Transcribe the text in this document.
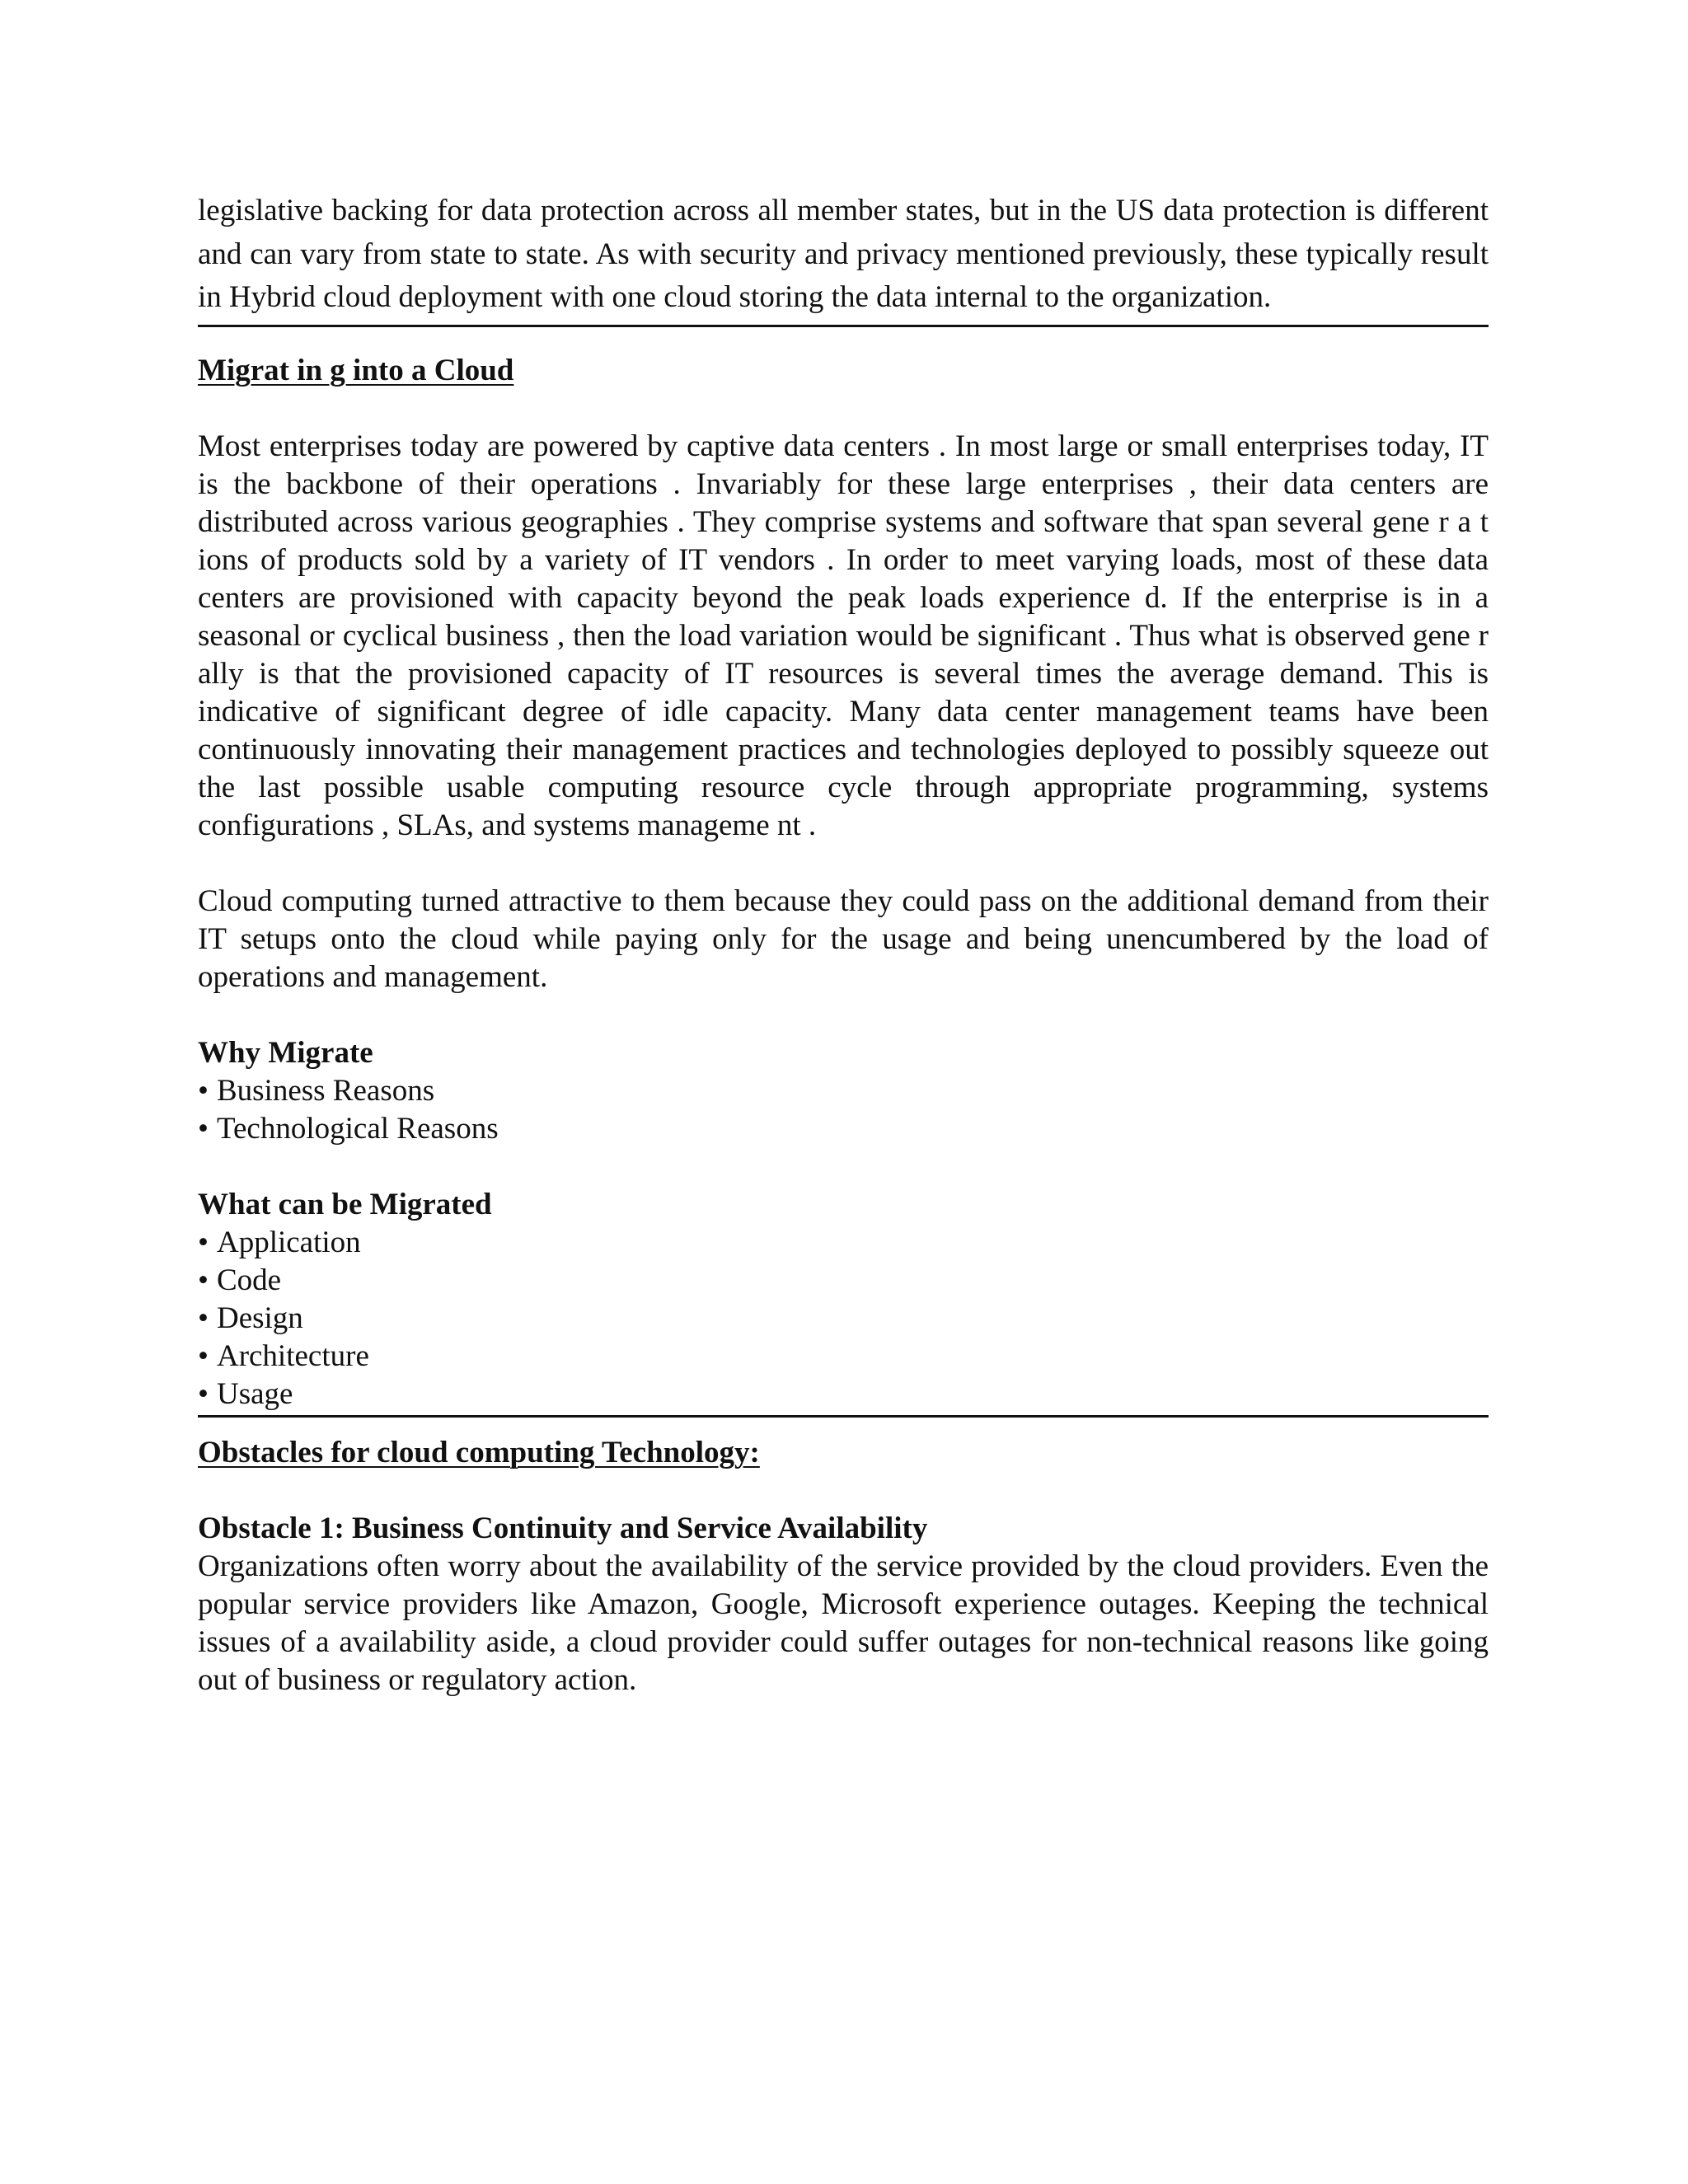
legislative backing for data protection across all member states, but in the US data protection is different and can vary from state to state. As with security and privacy mentioned previously, these typically result in Hybrid cloud deployment with one cloud storing the data internal to the organization.

Migrat in g into a Cloud

Most enterprises today are powered by captive data centers . In most large or small enterprises today, IT is the backbone of their operations . Invariably for these large enterprises , their data centers are distributed across various geographies . They comprise systems and software that span several gene r a t ions of products sold by a variety of IT vendors . In order to meet varying loads, most of these data centers are provisioned with capacity beyond the peak loads experience d. If the enterprise is in a seasonal or cyclical business , then the load variation would be significant . Thus what is observed gene r ally is that the provisioned capacity of IT resources is several times the average demand. This is indicative of significant degree of idle capacity. Many data center management teams have been continuously innovating their management practices and technologies deployed to possibly squeeze out the last possible usable computing resource cycle through appropriate programming, systems configurations , SLAs, and systems manageme nt .

Cloud computing turned attractive to them because they could pass on the additional demand from their IT setups onto the cloud while paying only for the usage and being unencumbered by the load of operations and management.

Why Migrate

• Business Reasons
• Technological Reasons

What can be Migrated

• Application
• Code
• Design
• Architecture
• Usage

Obstacles for cloud computing Technology:

Obstacle 1: Business Continuity and Service Availability

Organizations often worry about the availability of the service provided by the cloud providers. Even the popular service providers like Amazon, Google, Microsoft experience outages. Keeping the technical issues of a availability aside, a cloud provider could suffer outages for non-technical reasons like going out of business or regulatory action.
